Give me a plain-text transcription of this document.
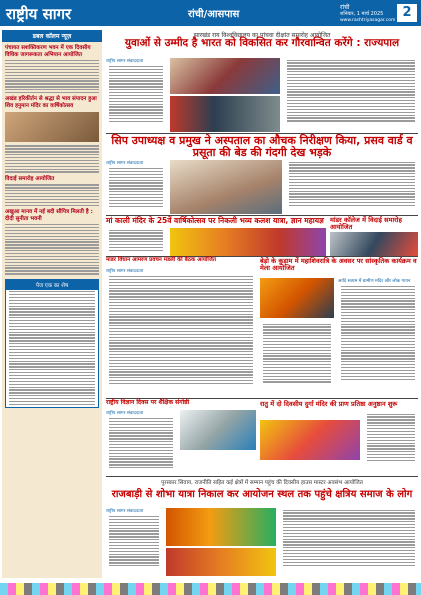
राष्ट्रीय सागर	रांची/आसपास
रांची
शनिवार, 1 मार्च 2025
www.rashtriyasagar.com
2
डबल कॉलम न्यूज़
पंचायत सशक्तिकरण भवन में एक दिवसीय विधिक जागरूकता अभियान आयोजित
अखंड हरिकीर्तन से श्रद्धा से भाव संपादन हुआ शिव हनुमान मंदिर का वार्षिकोत्सव
विदाई समारोह आयोजित
अखुआ मानव में नई बदी सौपित्र मिलती है : दीदी सुनीता भवनी
पेज एक का शेष
झारखंड राय विश्वविद्यालय का पांचवा दीक्षांत समारोह आयोजित
युवाओं से उम्मीद है भारत को विकसित कर गौरवान्वित करेंगे : राज्यपाल
राष्ट्रीय सागर संवाददाता
सिप उपाध्यक्ष व प्रमुख ने अस्पताल का औचक निरीक्षण किया, प्रसव वार्ड व प्रसूता की बेड की गंदगी देख भड़के
राष्ट्रीय सागर संवाददाता
मां काली मंदिर के 25वें वार्षिकोत्सव पर निकली भव्य कलश यात्रा, ज्ञान महायज्ञ मांडर कॉलेज में विदाई समारोह आयोजित
मांडर विधान आमरण प्रवचन मंडली की बैठक आयोजित	बेड़ो के कुड़ाम में महाशिवरात्रि के अवसर पर सांस्कृतिक कार्यक्रम व मेला आयोजित
राष्ट्रीय सागर संवाददाता
आदि सत्यम में ग्रामीण मदिर और लोक गायन
राष्ट्रीय विज्ञान दिवस पर शैक्षिक संगोष्ठी	रातु में दो दिवसीय दुर्गा मंदिर की प्राण प्रतिष्ठा अनुष्ठान शुरू
राष्ट्रीय सागर संवाददाता
पुरस्कार सिवाय, राजनीति सहित कई क्षेत्रों में सम्मान पहुंच की दिवसीय हाउस मास्टर अवसंभ आयोजित
राजबाड़ी से शोभा यात्रा निकाल कर आयोजन स्थल तक पहुंचे क्षत्रिय समाज के लोग
राष्ट्रीय सागर संवाददाता
